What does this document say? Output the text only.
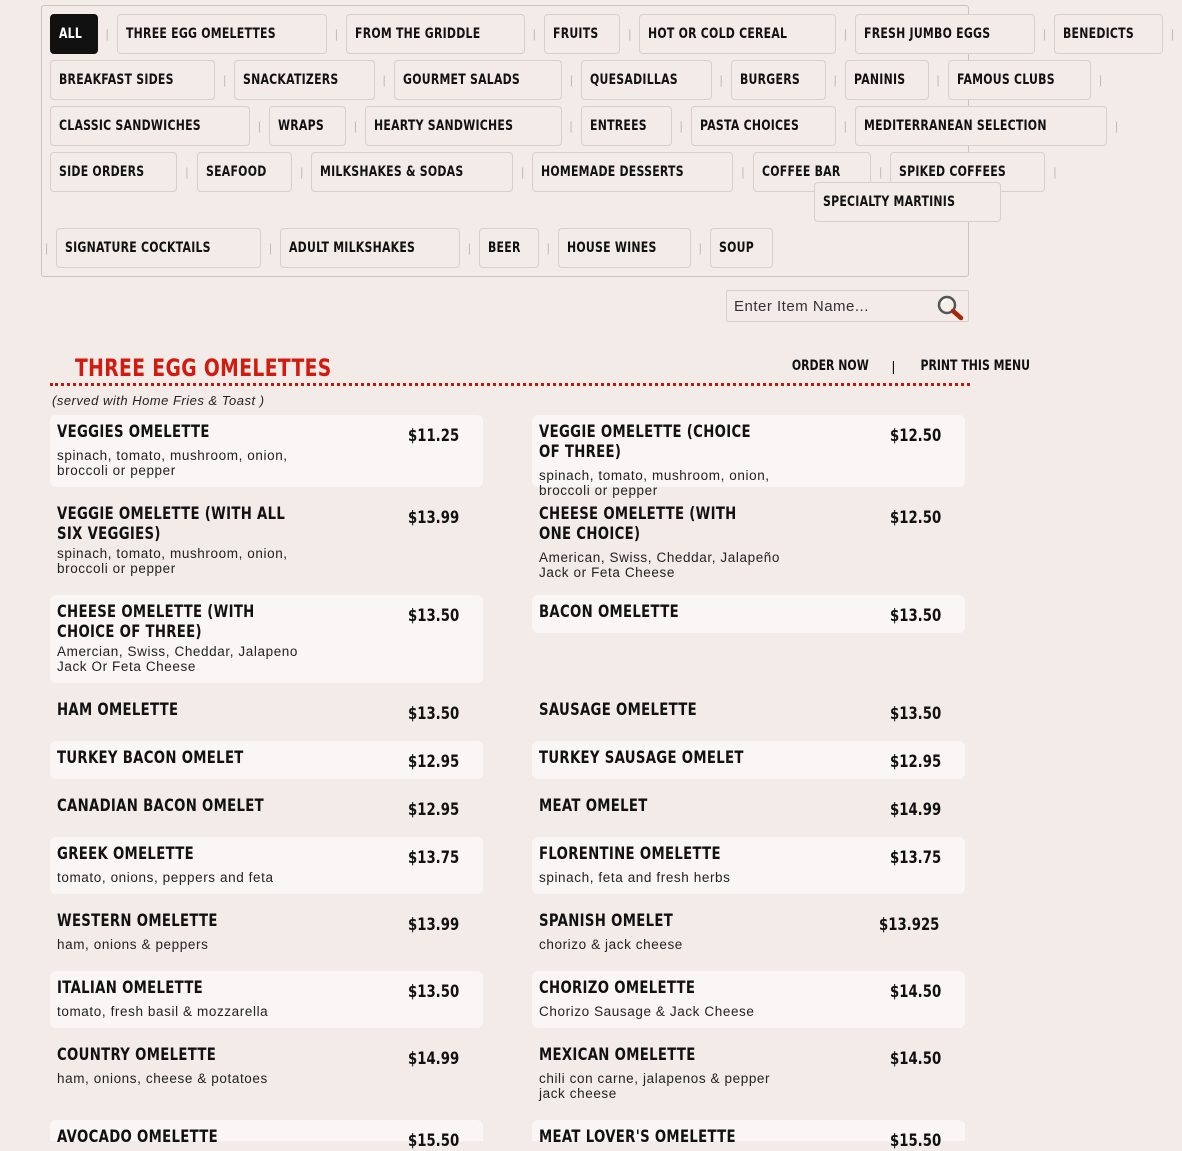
ALL | THREE EGG OMELETTES	| FROM THE GRIDDLE	| FRUITS | HOT OR COLD CEREAL	| FRESH JUMBO EGGS	| BENEDICTS	|
BREAKFAST SIDES	| SNACKATIZERS	| GOURMET SALADS	| QUESADILLAS	| BURGERS	| PANINIS	| FAMOUS CLUBS	|
CLASSIC SANDWICHES	| WRAPS | HEARTY SANDWICHES	| ENTREES	| PASTA CHOICES	| MEDITERRANEAN SELECTION	|
SIDE ORDERS	| SEAFOOD	| MILKSHAKES & SODAS	| HOMEMADE DESSERTS	| COFFEE BAR	| SPIKED COFFEES	|
SPECIALTY MARTINIS
| SIGNATURE COCKTAILS	| ADULT MILKSHAKES	| BEER | HOUSE WINES	| SOUP
Enter Item Name...
THREE EGG OMELETTES	ORDER NOW	|	PRINT THIS MENU
(served with Home Fries & Toast )
VEGGIES OMELETTE	$11.25
spinach, tomato, mushroom, onion, broccoli or pepper
VEGGIE OMELETTE (CHOICE OF THREE)
$12.50
spinach, tomato, mushroom, onion, broccoli or pepper
VEGGIE OMELETTE (WITH ALL SIX VEGGIES)
$13.99
spinach, tomato, mushroom, onion, broccoli or pepper
CHEESE OMELETTE (WITH ONE CHOICE)
$12.50
American, Swiss, Cheddar, Jalapeño Jack or Feta Cheese
CHEESE OMELETTE (WITH CHOICE OF THREE)
$13.50
Amercian, Swiss, Cheddar, Jalapeno Jack Or Feta Cheese
BACON OMELETTE	$13.50
HAM OMELETTE	$13.50	SAUSAGE OMELETTE	$13.50
TURKEY BACON OMELET	$12.95	TURKEY SAUSAGE OMELET	$12.95
CANADIAN BACON OMELET	$12.95	MEAT OMELET	$14.99
GREEK OMELETTE	$13.75
tomato, onions, peppers and feta
FLORENTINE OMELETTE	$13.75
spinach, feta and fresh herbs
WESTERN OMELETTE	$13.99
ham, onions & peppers
SPANISH OMELET	$13.925
chorizo & jack cheese
ITALIAN OMELETTE	$13.50
tomato, fresh basil & mozzarella
CHORIZO OMELETTE	$14.50
Chorizo Sausage & Jack Cheese
COUNTRY OMELETTE	$14.99
ham, onions, cheese & potatoes
MEXICAN OMELETTE	$14.50
chili con carne, jalapenos & pepper jack cheese
AVOCADO OMELETTE	$15.50	MEAT LOVER'S OMELETTE	$15.50
